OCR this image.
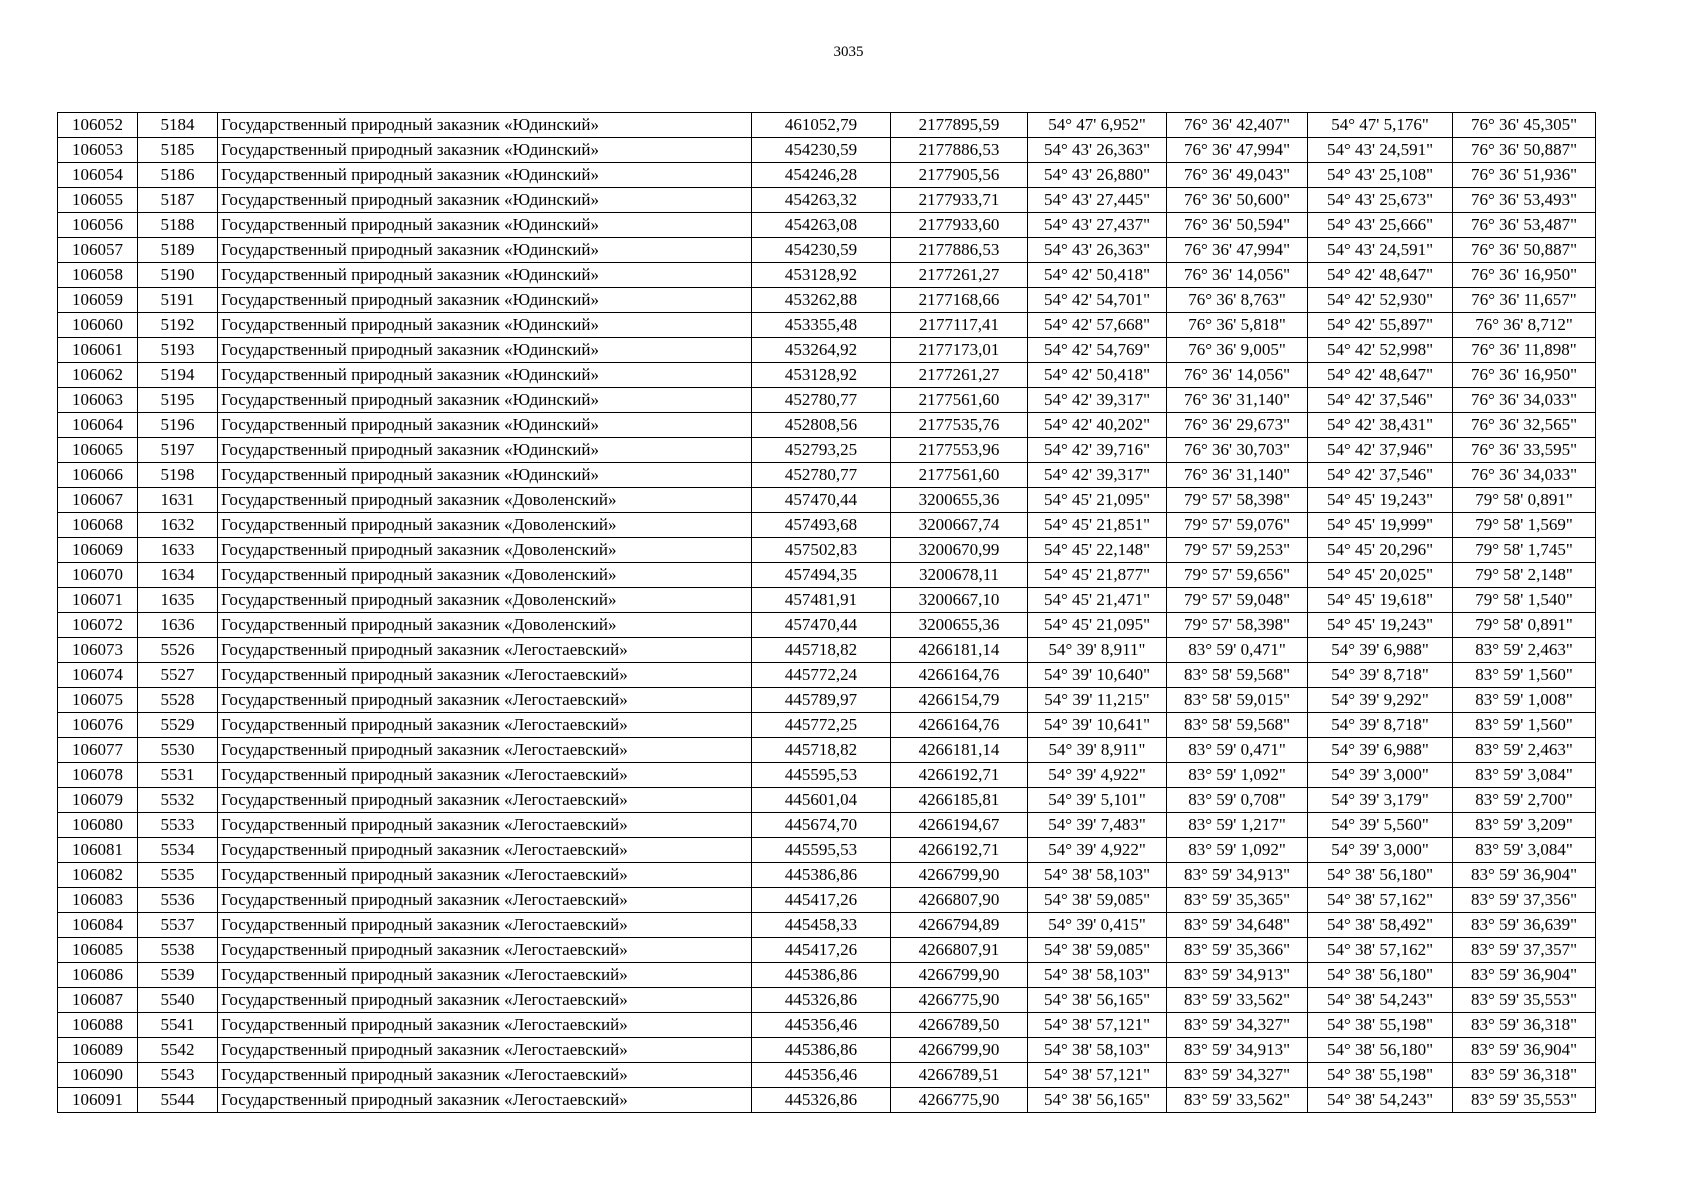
3035
106052	5184	Государственный природный заказник «Юдинский»	461052,79	2177895,59	54° 47' 6,952"	76° 36' 42,407"	54° 47' 5,176"	76° 36' 45,305"
106053	5185	Государственный природный заказник «Юдинский»	454230,59	2177886,53	54° 43' 26,363"	76° 36' 47,994"	54° 43' 24,591"	76° 36' 50,887"
106054	5186	Государственный природный заказник «Юдинский»	454246,28	2177905,56	54° 43' 26,880"	76° 36' 49,043"	54° 43' 25,108"	76° 36' 51,936"
106055	5187	Государственный природный заказник «Юдинский»	454263,32	2177933,71	54° 43' 27,445"	76° 36' 50,600"	54° 43' 25,673"	76° 36' 53,493"
106056	5188	Государственный природный заказник «Юдинский»	454263,08	2177933,60	54° 43' 27,437"	76° 36' 50,594"	54° 43' 25,666"	76° 36' 53,487"
106057	5189	Государственный природный заказник «Юдинский»	454230,59	2177886,53	54° 43' 26,363"	76° 36' 47,994"	54° 43' 24,591"	76° 36' 50,887"
106058	5190	Государственный природный заказник «Юдинский»	453128,92	2177261,27	54° 42' 50,418"	76° 36' 14,056"	54° 42' 48,647"	76° 36' 16,950"
106059	5191	Государственный природный заказник «Юдинский»	453262,88	2177168,66	54° 42' 54,701"	76° 36' 8,763"	54° 42' 52,930"	76° 36' 11,657"
106060	5192	Государственный природный заказник «Юдинский»	453355,48	2177117,41	54° 42' 57,668"	76° 36' 5,818"	54° 42' 55,897"	76° 36' 8,712"
106061	5193	Государственный природный заказник «Юдинский»	453264,92	2177173,01	54° 42' 54,769"	76° 36' 9,005"	54° 42' 52,998"	76° 36' 11,898"
106062	5194	Государственный природный заказник «Юдинский»	453128,92	2177261,27	54° 42' 50,418"	76° 36' 14,056"	54° 42' 48,647"	76° 36' 16,950"
106063	5195	Государственный природный заказник «Юдинский»	452780,77	2177561,60	54° 42' 39,317"	76° 36' 31,140"	54° 42' 37,546"	76° 36' 34,033"
106064	5196	Государственный природный заказник «Юдинский»	452808,56	2177535,76	54° 42' 40,202"	76° 36' 29,673"	54° 42' 38,431"	76° 36' 32,565"
106065	5197	Государственный природный заказник «Юдинский»	452793,25	2177553,96	54° 42' 39,716"	76° 36' 30,703"	54° 42' 37,946"	76° 36' 33,595"
106066	5198	Государственный природный заказник «Юдинский»	452780,77	2177561,60	54° 42' 39,317"	76° 36' 31,140"	54° 42' 37,546"	76° 36' 34,033"
106067	1631	Государственный природный заказник «Доволенский»	457470,44	3200655,36	54° 45' 21,095"	79° 57' 58,398"	54° 45' 19,243"	79° 58' 0,891"
106068	1632	Государственный природный заказник «Доволенский»	457493,68	3200667,74	54° 45' 21,851"	79° 57' 59,076"	54° 45' 19,999"	79° 58' 1,569"
106069	1633	Государственный природный заказник «Доволенский»	457502,83	3200670,99	54° 45' 22,148"	79° 57' 59,253"	54° 45' 20,296"	79° 58' 1,745"
106070	1634	Государственный природный заказник «Доволенский»	457494,35	3200678,11	54° 45' 21,877"	79° 57' 59,656"	54° 45' 20,025"	79° 58' 2,148"
106071	1635	Государственный природный заказник «Доволенский»	457481,91	3200667,10	54° 45' 21,471"	79° 57' 59,048"	54° 45' 19,618"	79° 58' 1,540"
106072	1636	Государственный природный заказник «Доволенский»	457470,44	3200655,36	54° 45' 21,095"	79° 57' 58,398"	54° 45' 19,243"	79° 58' 0,891"
106073	5526	Государственный природный заказник «Легостаевский»	445718,82	4266181,14	54° 39' 8,911"	83° 59' 0,471"	54° 39' 6,988"	83° 59' 2,463"
106074	5527	Государственный природный заказник «Легостаевский»	445772,24	4266164,76	54° 39' 10,640"	83° 58' 59,568"	54° 39' 8,718"	83° 59' 1,560"
106075	5528	Государственный природный заказник «Легостаевский»	445789,97	4266154,79	54° 39' 11,215"	83° 58' 59,015"	54° 39' 9,292"	83° 59' 1,008"
106076	5529	Государственный природный заказник «Легостаевский»	445772,25	4266164,76	54° 39' 10,641"	83° 58' 59,568"	54° 39' 8,718"	83° 59' 1,560"
106077	5530	Государственный природный заказник «Легостаевский»	445718,82	4266181,14	54° 39' 8,911"	83° 59' 0,471"	54° 39' 6,988"	83° 59' 2,463"
106078	5531	Государственный природный заказник «Легостаевский»	445595,53	4266192,71	54° 39' 4,922"	83° 59' 1,092"	54° 39' 3,000"	83° 59' 3,084"
106079	5532	Государственный природный заказник «Легостаевский»	445601,04	4266185,81	54° 39' 5,101"	83° 59' 0,708"	54° 39' 3,179"	83° 59' 2,700"
106080	5533	Государственный природный заказник «Легостаевский»	445674,70	4266194,67	54° 39' 7,483"	83° 59' 1,217"	54° 39' 5,560"	83° 59' 3,209"
106081	5534	Государственный природный заказник «Легостаевский»	445595,53	4266192,71	54° 39' 4,922"	83° 59' 1,092"	54° 39' 3,000"	83° 59' 3,084"
106082	5535	Государственный природный заказник «Легостаевский»	445386,86	4266799,90	54° 38' 58,103"	83° 59' 34,913"	54° 38' 56,180"	83° 59' 36,904"
106083	5536	Государственный природный заказник «Легостаевский»	445417,26	4266807,90	54° 38' 59,085"	83° 59' 35,365"	54° 38' 57,162"	83° 59' 37,356"
106084	5537	Государственный природный заказник «Легостаевский»	445458,33	4266794,89	54° 39' 0,415"	83° 59' 34,648"	54° 38' 58,492"	83° 59' 36,639"
106085	5538	Государственный природный заказник «Легостаевский»	445417,26	4266807,91	54° 38' 59,085"	83° 59' 35,366"	54° 38' 57,162"	83° 59' 37,357"
106086	5539	Государственный природный заказник «Легостаевский»	445386,86	4266799,90	54° 38' 58,103"	83° 59' 34,913"	54° 38' 56,180"	83° 59' 36,904"
106087	5540	Государственный природный заказник «Легостаевский»	445326,86	4266775,90	54° 38' 56,165"	83° 59' 33,562"	54° 38' 54,243"	83° 59' 35,553"
106088	5541	Государственный природный заказник «Легостаевский»	445356,46	4266789,50	54° 38' 57,121"	83° 59' 34,327"	54° 38' 55,198"	83° 59' 36,318"
106089	5542	Государственный природный заказник «Легостаевский»	445386,86	4266799,90	54° 38' 58,103"	83° 59' 34,913"	54° 38' 56,180"	83° 59' 36,904"
106090	5543	Государственный природный заказник «Легостаевский»	445356,46	4266789,51	54° 38' 57,121"	83° 59' 34,327"	54° 38' 55,198"	83° 59' 36,318"
106091	5544	Государственный природный заказник «Легостаевский»	445326,86	4266775,90	54° 38' 56,165"	83° 59' 33,562"	54° 38' 54,243"	83° 59' 35,553"
